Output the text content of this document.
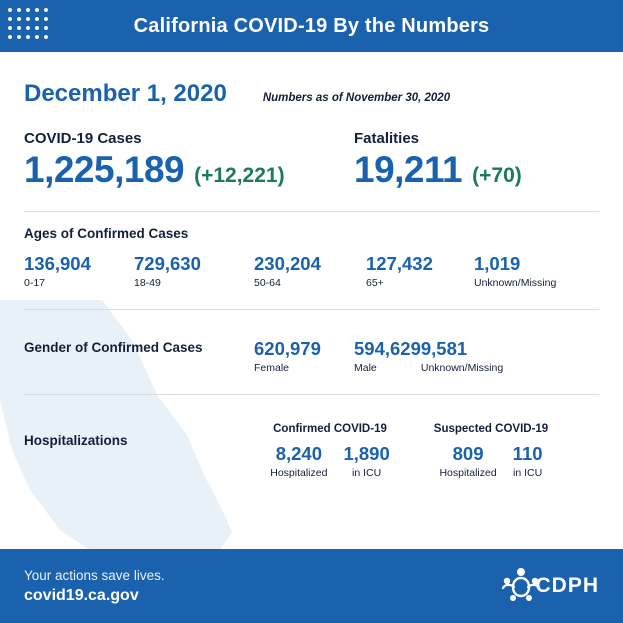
California COVID-19 By the Numbers
December 1, 2020	Numbers as of November 30, 2020
COVID-19 Cases
1,225,189 (+12,221)
Fatalities
19,211 (+70)
Ages of Confirmed Cases
136,904
0-17
729,630
18-49
230,204
50-64
127,432
65+
1,019
Unknown/Missing
Gender of Confirmed Cases	620,979
Female
594,629
Male
9,581
Unknown/Missing
Hospitalizations
Confirmed COVID-19
8,240
Hospitalized
1,890
in ICU
Suspected COVID-19
809
Hospitalized
110
in ICU
Your actions save lives.
covid19.ca.gov	CDPH
